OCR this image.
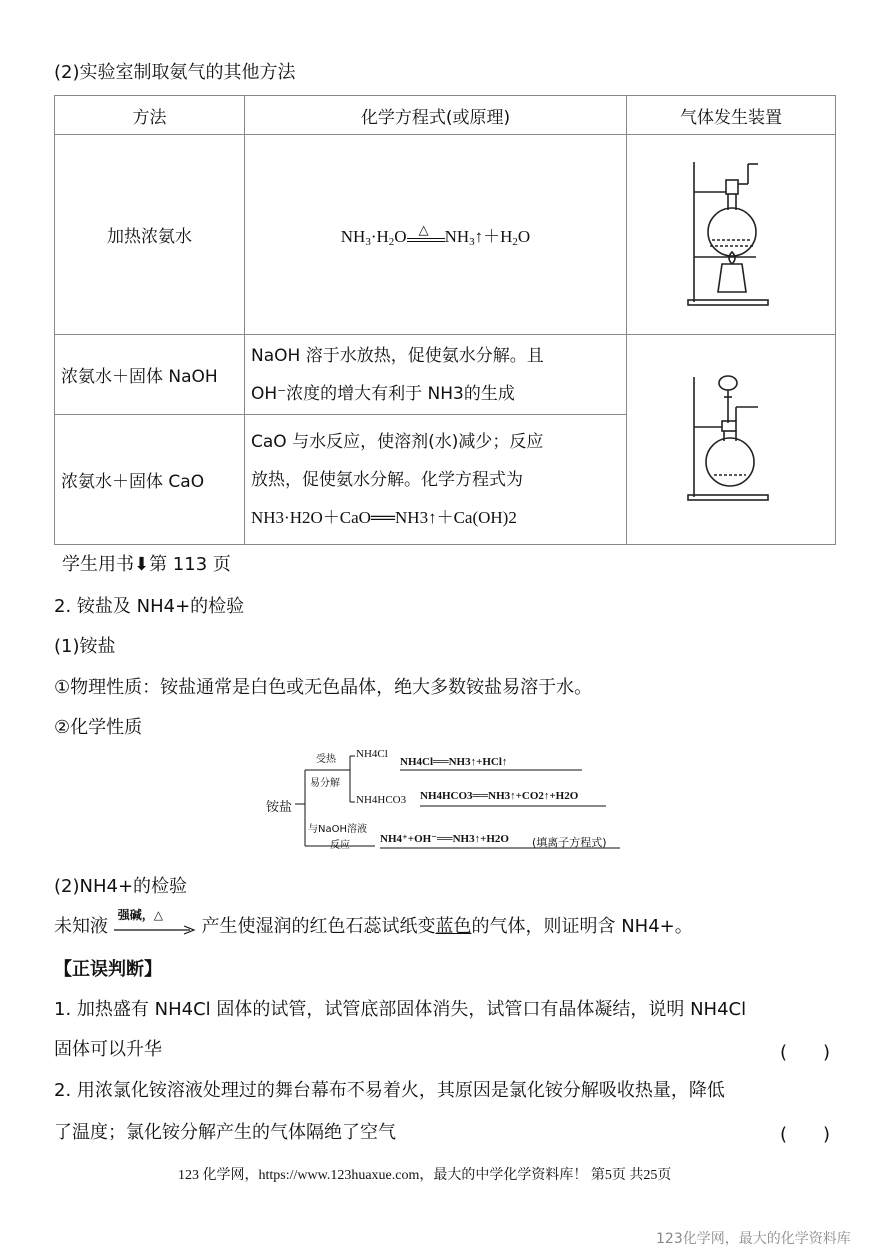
(2)实验室制取氨气的其他方法
方法	化学方程式(或原理)	气体发生装置
加热浓氨水	$NH_3\cdot H_2O$ △ $NH_3↑+H_2O$	
浓氨水＋固体 NaOH	NaOH 溶于水放热，促使氨水分解。且
OH⁻浓度的增大有利于 NH3的生成

浓氨水＋固体 CaO	CaO 与水反应，使溶剂(水)减少；反应
放热，促使氨水分解。化学方程式为
NH3·H2O＋CaO══NH3↑＋Ca(OH)2	
学生用书⬇第 113 页
2. 铵盐及 NH4+的检验
(1)铵盐
①物理性质：铵盐通常是白色或无色晶体，绝大多数铵盐易溶于水。
②化学性质
铵盐
受热
易分解
NH4Cl
NH4Cl══NH3↑+HCl↑
NH4HCO3 NH4HCO3══NH3↑+CO2↑+H2O
与NaOH溶液
反应
NH4⁺+OH⁻══NH3↑+H2O (填离子方程式)
(2)NH4+的检验
未知液
强碱，△
产生使湿润的红色石蕊试纸变蓝色的气体，则证明含 NH4+。
【正误判断】
1. 加热盛有 NH4Cl 固体的试管，试管底部固体消失，试管口有晶体凝结，说明 NH4Cl
固体可以升华	(　　)
2. 用浓氯化铵溶液处理过的舞台幕布不易着火，其原因是氯化铵分解吸收热量，降低
了温度；氯化铵分解产生的气体隔绝了空气	(　　)
123 化学网，https://www.123huaxue.com，最大的中学化学资料库！ 第5页 共25页
123化学网，最大的化学资料库
